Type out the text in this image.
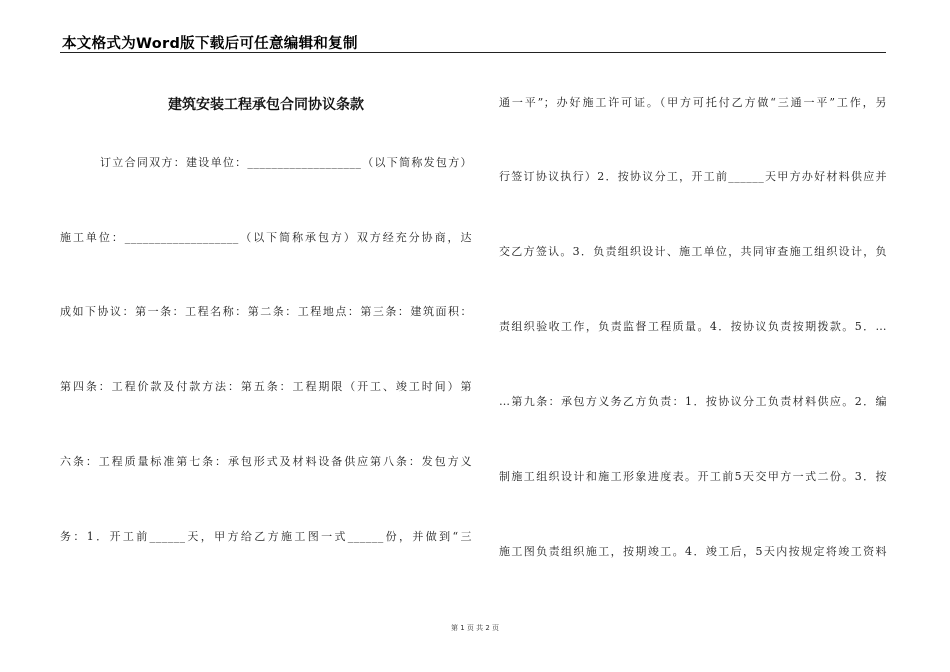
本文格式为Word版下载后可任意编辑和复制
建筑安装工程承包合同协议条款
订立合同双方：建设单位：___________________（以下简称发包方）
施工单位：___________________（以下简称承包方）双方经充分协商，达
成如下协议：第一条：工程名称：第二条：工程地点：第三条：建筑面积：
第四条：工程价款及付款方法：第五条：工程期限（开工、竣工时间）第
六条：工程质量标准第七条：承包形式及材料设备供应第八条：发包方义
务：1．开工前______天，甲方给乙方施工图一式______份，并做到“三
通一平”；办好施工许可证。（甲方可托付乙方做“三通一平”工作，另
行签订协议执行）2．按协议分工，开工前______天甲方办好材料供应并
交乙方签认。3．负责组织设计、施工单位，共同审查施工组织设计，负
责组织验收工作，负责监督工程质量。4．按协议负责按期拨款。5．…
…第九条：承包方义务乙方负责：1．按协议分工负责材料供应。2．编
制施工组织设计和施工形象进度表。开工前5天交甲方一式二份。3．按
施工图负责组织施工，按期竣工。4．竣工后，5天内按规定将竣工资料
第 1 页 共 2 页
